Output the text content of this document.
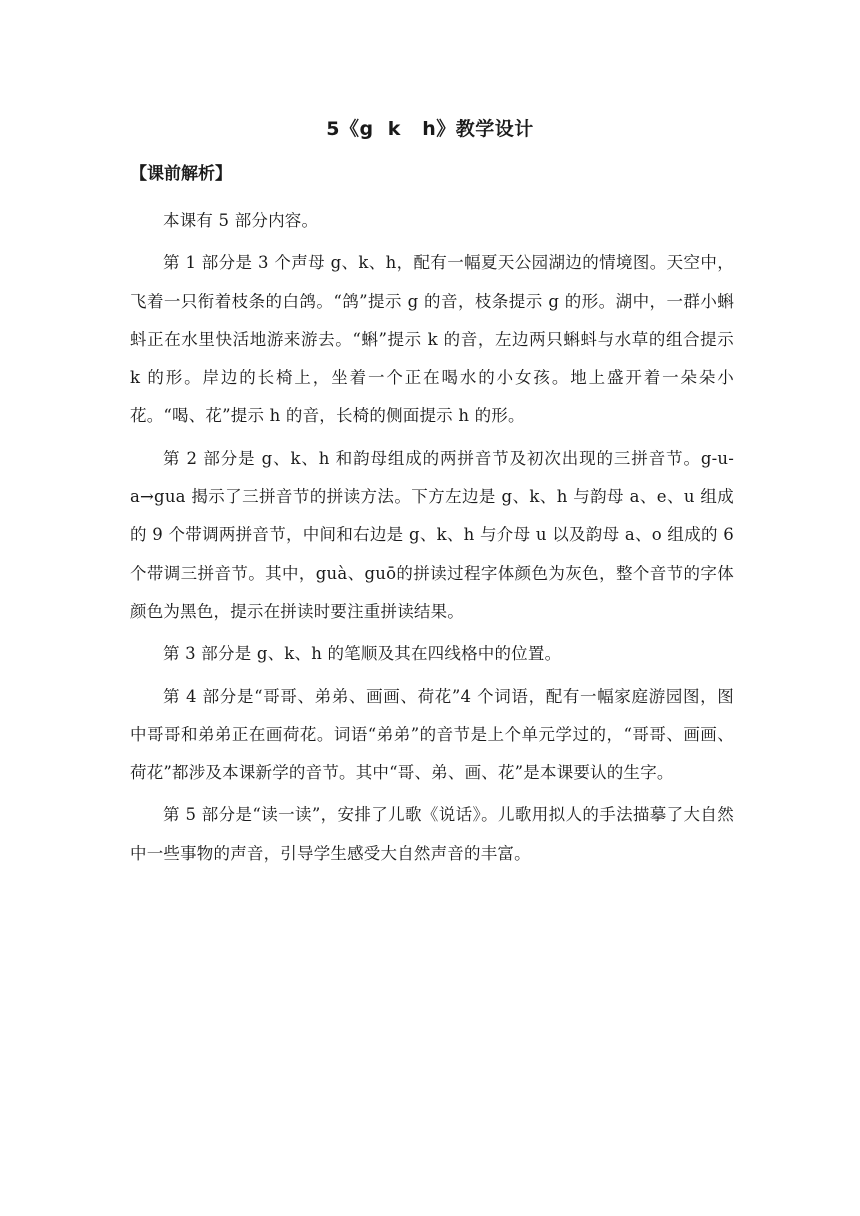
5《g  k   h》教学设计
【课前解析】

本课有 5 部分内容。

第 1 部分是 3 个声母 g、k、h，配有一幅夏天公园湖边的情境图。天空中，飞着一只衔着枝条的白鸽。“鸽”提示 g 的音，枝条提示 g 的形。湖中，一群小蝌蚪正在水里快活地游来游去。“蝌”提示 k 的音，左边两只蝌蚪与水草的组合提示 k 的形。岸边的长椅上，坐着一个正在喝水的小女孩。地上盛开着一朵朵小花。“喝、花”提示 h 的音，长椅的侧面提示 h 的形。

第 2 部分是 g、k、h 和韵母组成的两拼音节及初次出现的三拼音节。g-u-a→gua 揭示了三拼音节的拼读方法。下方左边是 g、k、h 与韵母 a、e、u 组成的 9 个带调两拼音节，中间和右边是 g、k、h 与介母 u 以及韵母 a、o 组成的 6 个带调三拼音节。其中，guà、guō的拼读过程字体颜色为灰色，整个音节的字体颜色为黑色，提示在拼读时要注重拼读结果。

第 3 部分是 g、k、h 的笔顺及其在四线格中的位置。

第 4 部分是“哥哥、弟弟、画画、荷花”4 个词语，配有一幅家庭游园图，图中哥哥和弟弟正在画荷花。词语“弟弟”的音节是上个单元学过的，“哥哥、画画、荷花”都涉及本课新学的音节。其中“哥、弟、画、花”是本课要认的生字。

第 5 部分是“读一读”，安排了儿歌《说话》。儿歌用拟人的手法描摹了大自然中一些事物的声音，引导学生感受大自然声音的丰富。
